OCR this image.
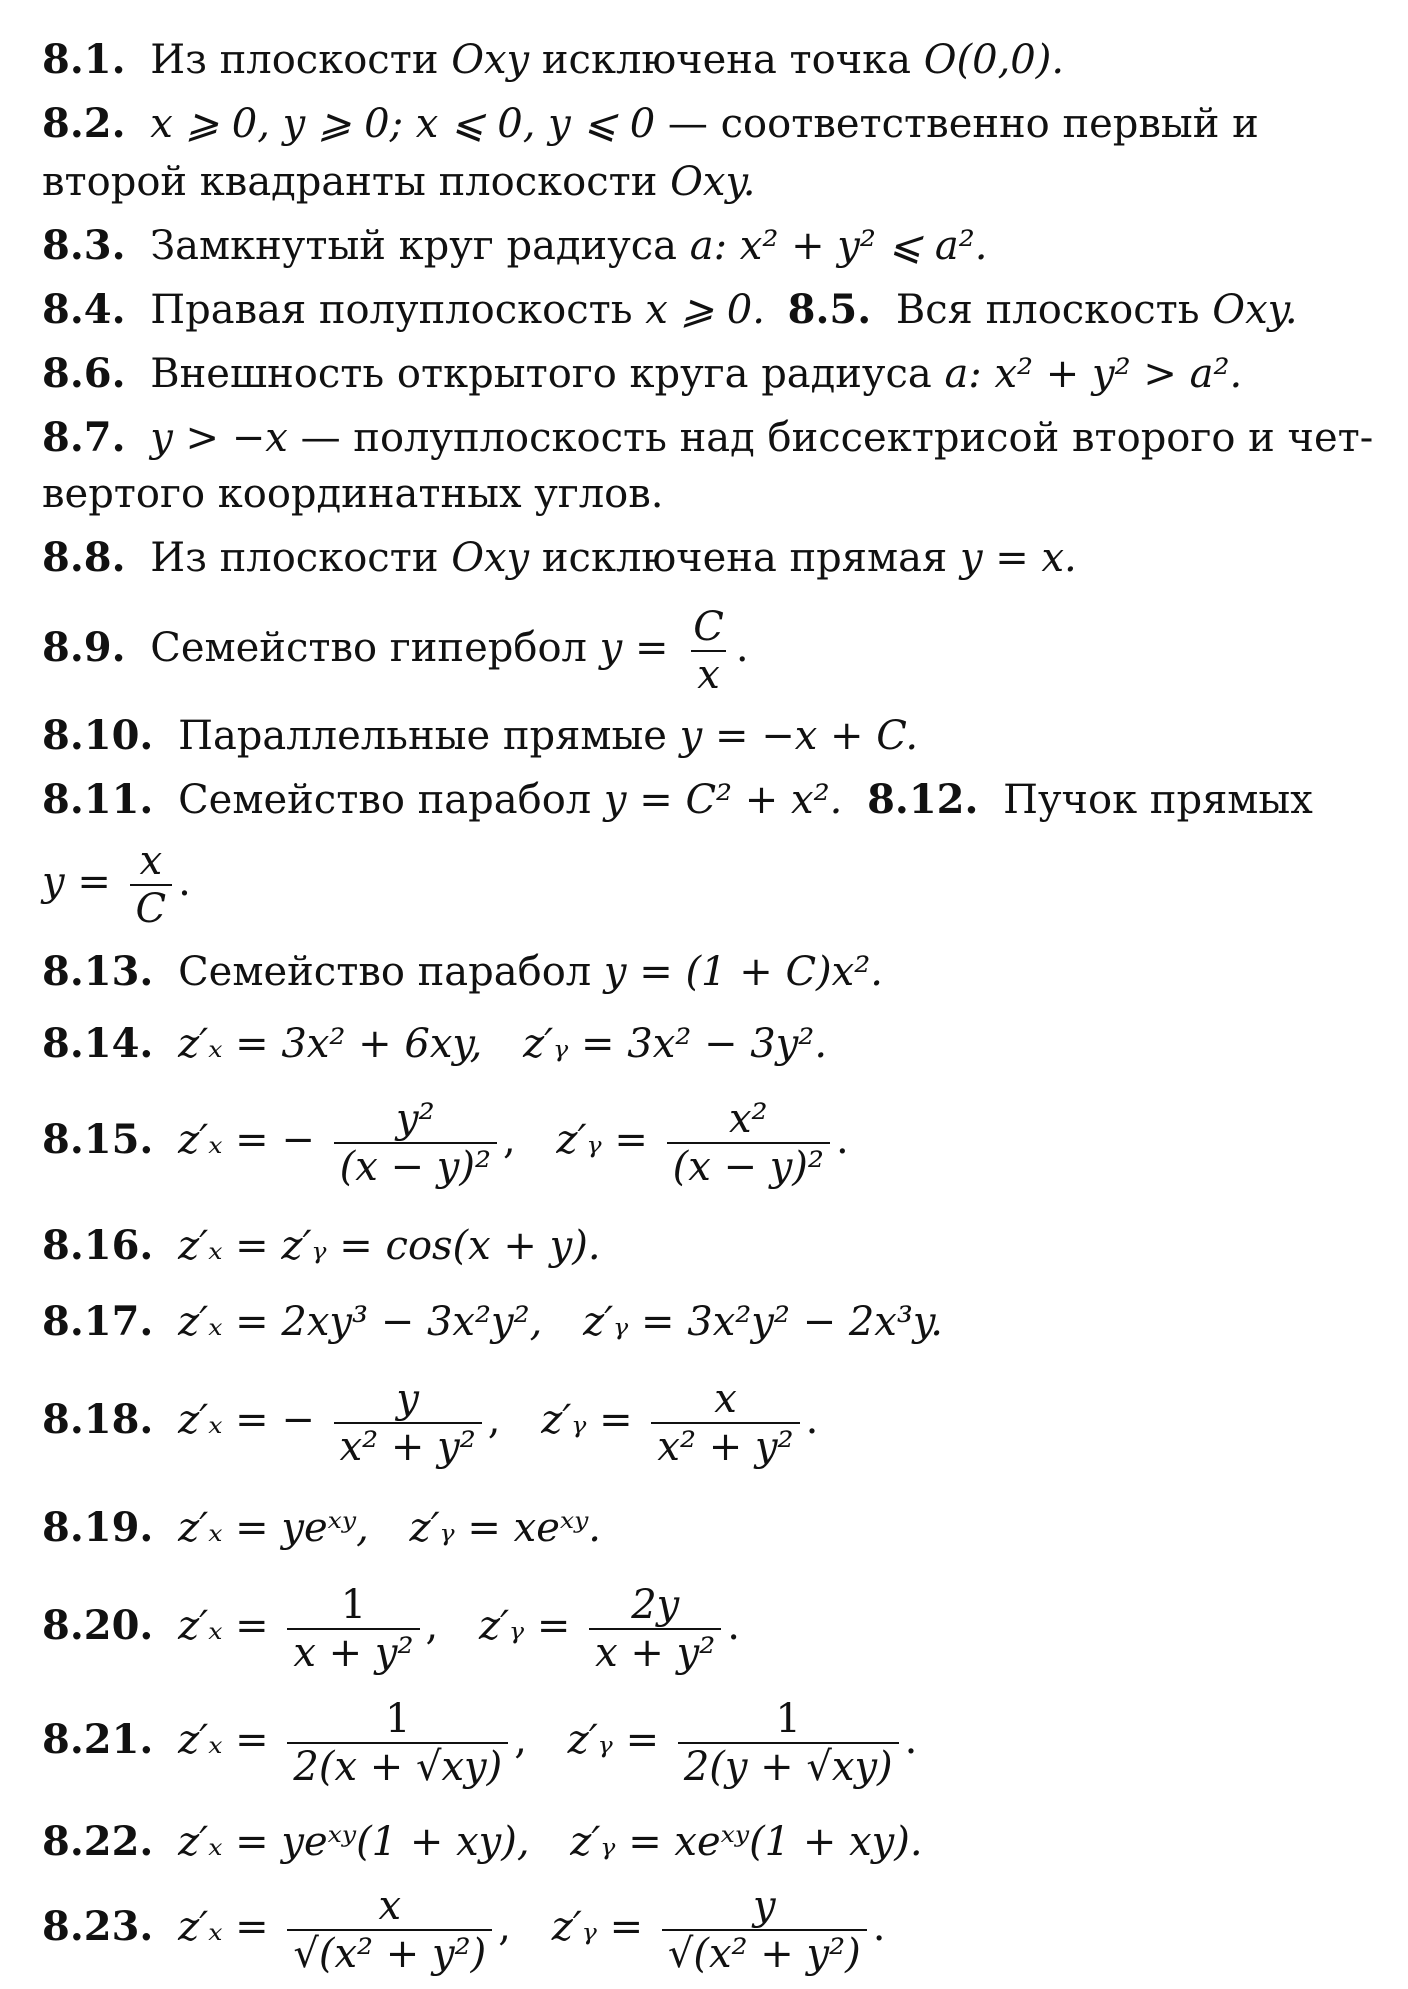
8.1. Из плоскости Oxy исключена точка O(0,0).
8.2. x ⩾ 0, y ⩾ 0; x ⩽ 0, y ⩽ 0 — соответственно первый и
второй квадранты плоскости Oxy.
8.3. Замкнутый круг радиуса a: x² + y² ⩽ a².
8.4. Правая полуплоскость x ⩾ 0. 8.5. Вся плоскость Oxy.
8.6. Внешность открытого круга радиуса a: x² + y² > a².
8.7. y > −x — полуплоскость над биссектрисой второго и чет-
вертого координатных углов.
8.8. Из плоскости Oxy исключена прямая y = x.
8.9. Семейство гипербол $y = \frac{C}{x}$ .
8.10. Параллельные прямые y = −x + C.
8.11. Семейство парабол y = C² + x². 8.12. Пучок прямых
$y = \frac{x}{C}$ .
8.13. Семейство парабол y = (1 + C)x².
8.14. z′ₓ = 3x² + 6xy, z′ᵧ = 3x² − 3y².
8.15. z′ₓ = − $\frac{\text{y²}}{\text{(x − y)²}}$ , z′ᵧ = $\frac{\text{x²}}{\text{(x − y)²}}$ .
8.16. z′ₓ = z′ᵧ = cos(x + y).
8.17. z′ₓ = 2xy³ − 3x²y², z′ᵧ = 3x²y² − 2x³y.
8.18. z′ₓ = − $\frac{y}{\text{x² + y²}}$ , z′ᵧ = $\frac{x}{\text{x² + y²}}$ .
8.19. z′ₓ = yeˣʸ, z′ᵧ = xeˣʸ.
8.20. $z'_x = \frac{1}{\text{x + y²}}$ , z′ᵧ = $\frac{2y}{\text{x + y²}}$ .
8.21. $z'_x = \frac{1}{2(x + √xy)}$ , z′ᵧ = $\frac{1}{2(y + √xy)}$ .
8.22. z′ₓ = yeˣʸ(1 + xy), z′ᵧ = xeˣʸ(1 + xy).
8.23. $z'_x = \frac{x}{\text{√(x² + y²)}}$ , z′ᵧ = $\frac{y}{\text{√(x² + y²)}}$ .
